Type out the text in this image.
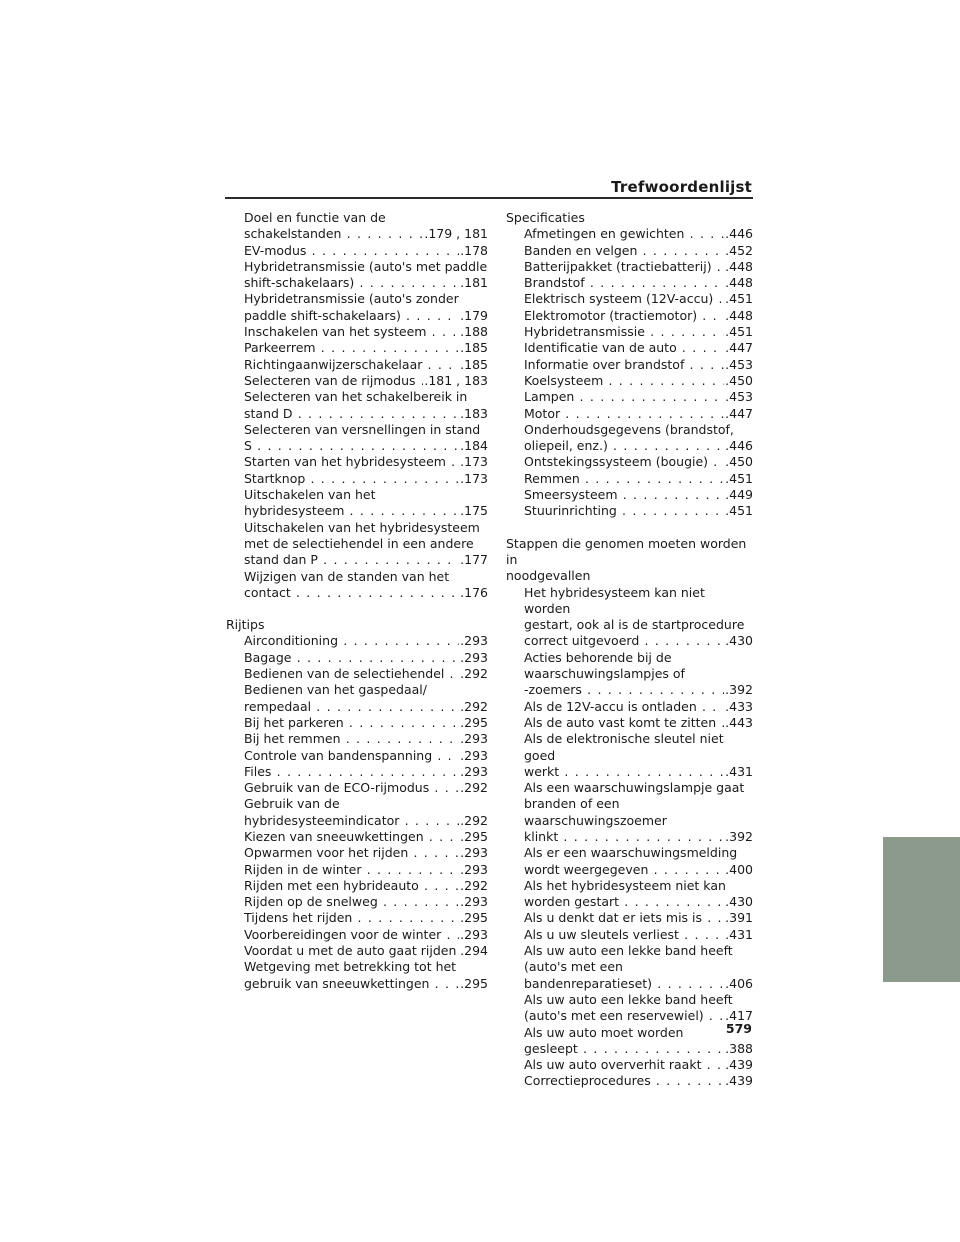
Trefwoordenlijst
Doel en functie van de
schakelstanden . . .	.179 , 181
EV-modus . . .	.178
Hybridetransmissie (auto's met paddle
shift-schakelaars) . . .	.181
Hybridetransmissie (auto's zonder
paddle shift-schakelaars) . . .	.179
Inschakelen van het systeem . . .	.188
Parkeerrem . . .	.185
Richtingaanwijzerschakelaar . . .	.185
Selecteren van de rijmodus . . . .181 , 183
Selecteren van het schakelbereik in
stand D . . .	.183
Selecteren van versnellingen in stand
S . . .	.184
Starten van het hybridesysteem . . .	.173
Startknop . . .	.173
Uitschakelen van het
hybridesysteem . . .	.175
Uitschakelen van het hybridesysteem
met de selectiehendel in een andere
stand dan P . . .	.177
Wijzigen van de standen van het
contact . . .	.176
Rijtips
Airconditioning . . .	.293
Bagage . . .	.293
Bedienen van de selectiehendel . . .	.292
Bedienen van het gaspedaal/
rempedaal . . .	.292
Bij het parkeren . . .	.295
Bij het remmen . . .	.293
Controle van bandenspanning . . .	.293
Files . . .	.293
Gebruik van de ECO-rijmodus . . .	.292
Gebruik van de
hybridesysteemindicator . . .	.292
Kiezen van sneeuwkettingen . . .	.295
Opwarmen voor het rijden . . .	.293
Rijden in de winter . . .	.293
Rijden met een hybrideauto . . .	.292
Rijden op de snelweg . . .	.293
Tijdens het rijden . . .	.295
Voorbereidingen voor de winter . . .	.293
Voordat u met de auto gaat rijden . . . .294
Wetgeving met betrekking tot het
gebruik van sneeuwkettingen . . .	.295
Specificaties
Afmetingen en gewichten . . .	.446
Banden en velgen . . .	.452
Batterijpakket (tractiebatterij) . . .	.448
Brandstof . . .	.448
Elektrisch systeem (12V-accu) . . . .451
Elektromotor (tractiemotor) . . .	.448
Hybridetransmissie . . .	.451
Identificatie van de auto . . .	.447
Informatie over brandstof . . .	.453
Koelsysteem . . .	.450
Lampen . . .	.453
Motor . . .	.447
Onderhoudsgegevens (brandstof,
oliepeil, enz.) . . .	.446
Ontstekingssysteem (bougie) . . .	.450
Remmen . . .	.451
Smeersysteem . . .	.449
Stuurinrichting . . .	.451
Stappen die genomen moeten worden in
noodgevallen
Het hybridesysteem kan niet worden
gestart, ook al is de startprocedure
correct uitgevoerd . . .	.430
Acties behorende bij de
waarschuwingslampjes of
-zoemers . . .	.392
Als de 12V-accu is ontladen . . .	.433
Als de auto vast komt te zitten . . . .443
Als de elektronische sleutel niet goed
werkt . . .	.431
Als een waarschuwingslampje gaat
branden of een waarschuwingszoemer
klinkt . . .	.392
Als er een waarschuwingsmelding
wordt weergegeven . . .	.400
Als het hybridesysteem niet kan
worden gestart . . .	.430
Als u denkt dat er iets mis is . . .	.391
Als u uw sleutels verliest . . .	.431
Als uw auto een lekke band heeft
(auto's met een
bandenreparatieset) . . .	.406
Als uw auto een lekke band heeft
(auto's met een reservewiel) . . .	.417
Als uw auto moet worden
gesleept . . .	.388
Als uw auto oververhit raakt . . .	.439
Correctieprocedures . . .	.439
579
